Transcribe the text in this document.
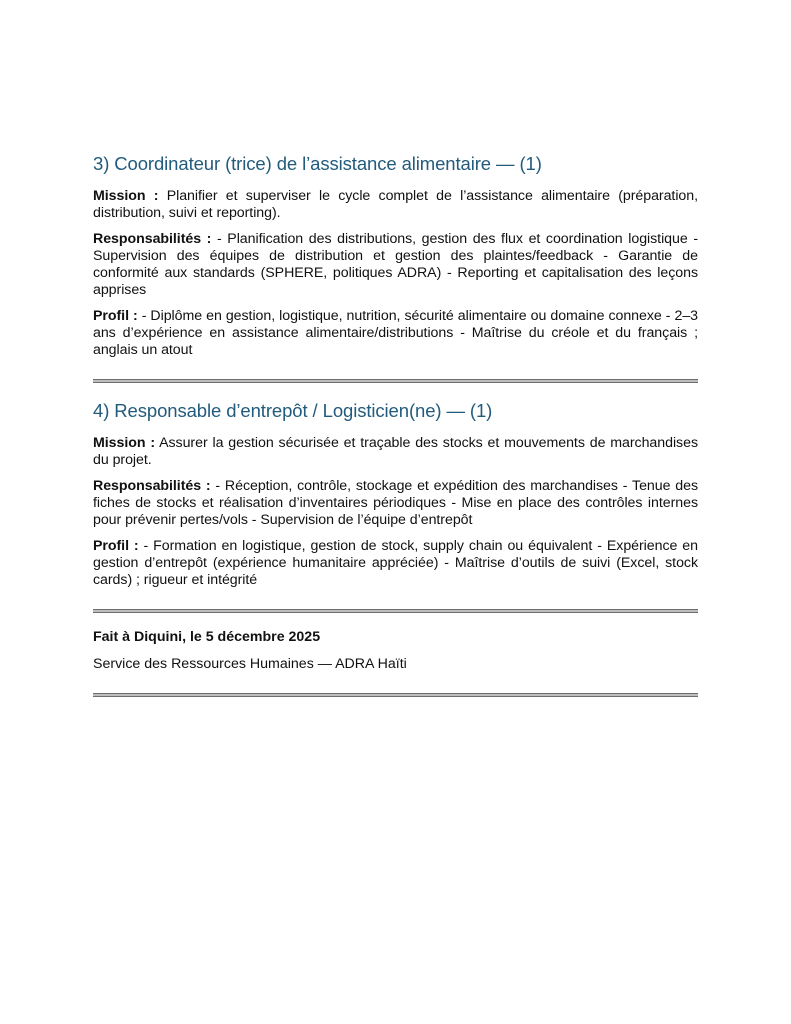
3) Coordinateur (trice) de l’assistance alimentaire — (1)

Mission : Planifier et superviser le cycle complet de l’assistance alimentaire (préparation, distribution, suivi et reporting).

Responsabilités : - Planification des distributions, gestion des flux et coordination logistique - Supervision des équipes de distribution et gestion des plaintes/feedback - Garantie de conformité aux standards (SPHERE, politiques ADRA) - Reporting et capitalisation des leçons apprises

Profil : - Diplôme en gestion, logistique, nutrition, sécurité alimentaire ou domaine connexe - 2–3 ans d’expérience en assistance alimentaire/distributions - Maîtrise du créole et du français ; anglais un atout

4) Responsable d’entrepôt / Logisticien(ne) — (1)

Mission : Assurer la gestion sécurisée et traçable des stocks et mouvements de marchandises du projet.

Responsabilités : - Réception, contrôle, stockage et expédition des marchandises - Tenue des fiches de stocks et réalisation d’inventaires périodiques - Mise en place des contrôles internes pour prévenir pertes/vols - Supervision de l’équipe d’entrepôt

Profil : - Formation en logistique, gestion de stock, supply chain ou équivalent - Expérience en gestion d’entrepôt (expérience humanitaire appréciée) - Maîtrise d’outils de suivi (Excel, stock cards) ; rigueur et intégrité

Fait à Diquini, le 5 décembre 2025

Service des Ressources Humaines — ADRA Haïti
